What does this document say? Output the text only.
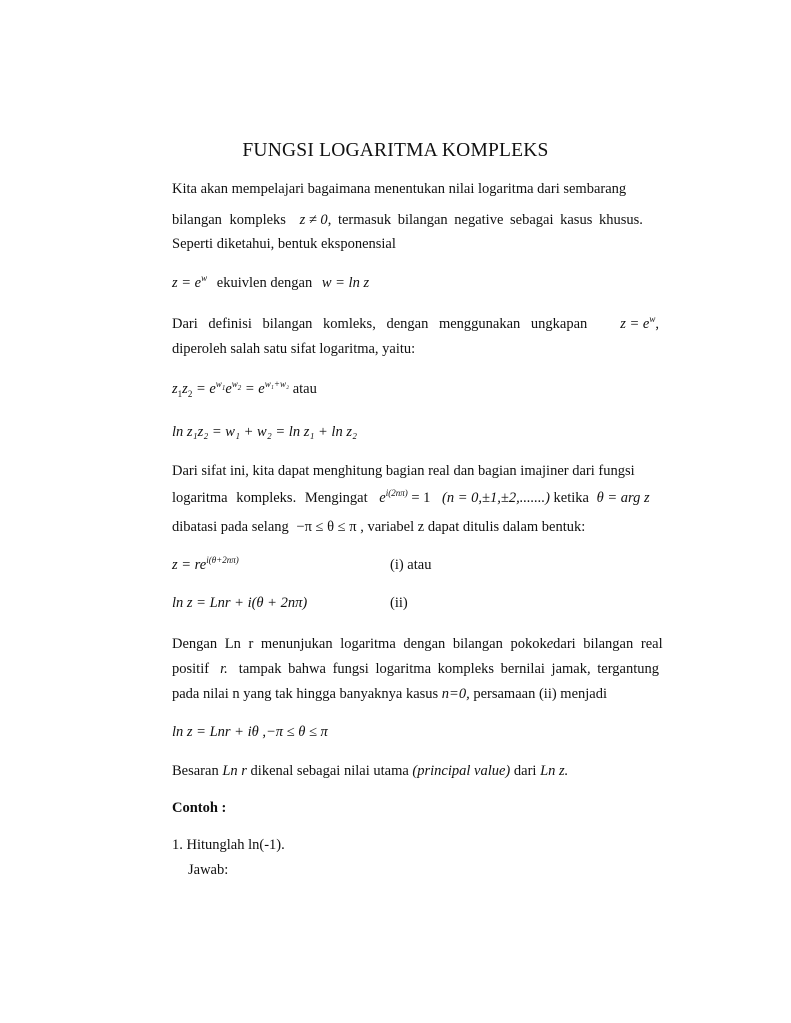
FUNGSI LOGARITMA KOMPLEKS
Kita akan mempelajari bagaimana menentukan nilai logaritma dari sembarang
bilangan kompleks z ≠ 0, termasuk bilangan negative sebagai kasus khusus.
Seperti diketahui, bentuk eksponensial
$z = e^w$ ekuivlen dengan w = ln z
Dari definisi bilangan komleks, dengan menggunakan ungkapan $z = e^w$,
diperoleh salah satu sifat logaritma, yaitu:
$z_1z_2 = e^{w_1}e^{w_2} = e^{w_1+w_2}$ atau
ln z₁z₂ = w₁ + w₂ = ln z₁ + ln z₂
Dari sifat ini, kita dapat menghitung bagian real dan bagian imajiner dari fungsi
logaritma kompleks. Mengingat $e^{i(2n\pi)} = 1$ (n = 0,±1,±2,.......) ketika θ = arg z
dibatasi pada selang −π ≤ θ ≤ π , variabel z dapat ditulis dalam bentuk:
$z = re^{i(\theta+2n\pi)}$	(i) atau
ln z = Lnr + i(θ + 2nπ)	(ii)
Dengan Ln r menunjukan logaritma dengan bilangan pokok e dari bilangan real
positif r. tampak bahwa fungsi logaritma kompleks bernilai jamak, tergantung
pada nilai n yang tak hingga banyaknya kasus n=0, persamaan (ii) menjadi
ln z = Lnr + iθ ,−π ≤ θ ≤ π
Besaran Ln r dikenal sebagai nilai utama (principal value) dari Ln z.
Contoh :
1. Hitunglah ln(-1).
Jawab:
